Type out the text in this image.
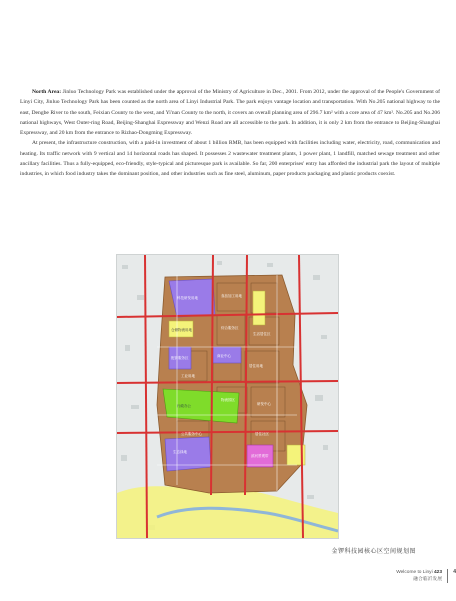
North Area: Jinluo Technology Park was established under the approval of the Ministry of Agriculture in Dec., 2001. From 2012, under the approval of the People's Government of Linyi City, Jinluo Technology Park has been counted as the north area of Linyi Industrial Park. The park enjoys vantage location and transportation. With No.205 national highway to the east, Dengbe River to the south, Feixian County to the west, and Yi'nan County to the north, it covers an overall planning area of 296.7 km² with a core area of 47 km². No.205 and No.206 national highways, West Outer-ring Road, Beijing-Shanghai Expressway and Wenzi Road are all accessible to the park. In addition, it is only 2 km from the entrance to Beijing-Shanghai Expressway, and 20 km from the entrance to Rizhao-Dongming Expressway.

At present, the infrastructure construction, with a paid-in investment of about 1 billion RMB, has been equipped with facilities including water, electricity, road, communication and heating. Its traffic network with 9 vertical and 14 horizontal roads has shaped. It possesses 2 wastewater treatment plants, 1 power plant, 1 landfill, matched sewage treatment and other ancillary facilities. Thus a fully-equipped, eco-friendly, style-typical and picturesque park is available. So far, 200 enterprises' entry has afforded the industrial park the layout of multiple industries, in which food industry takes the dominant position, and other industries such as fine steel, aluminum, paper products packaging and plastic products coexist.

科技研发用地	食品加工用地
仓储物流用地	综合服务区
生活居住区
配套服务区	商业中心
居住用地
工业用地
行政办公
物流园区
研发中心
生态绿地
滨河景观带
公共服务中心	居住社区
金锣科技园核心区空间规划图
Welcome to Linyi 423
融合临沂发展
4
